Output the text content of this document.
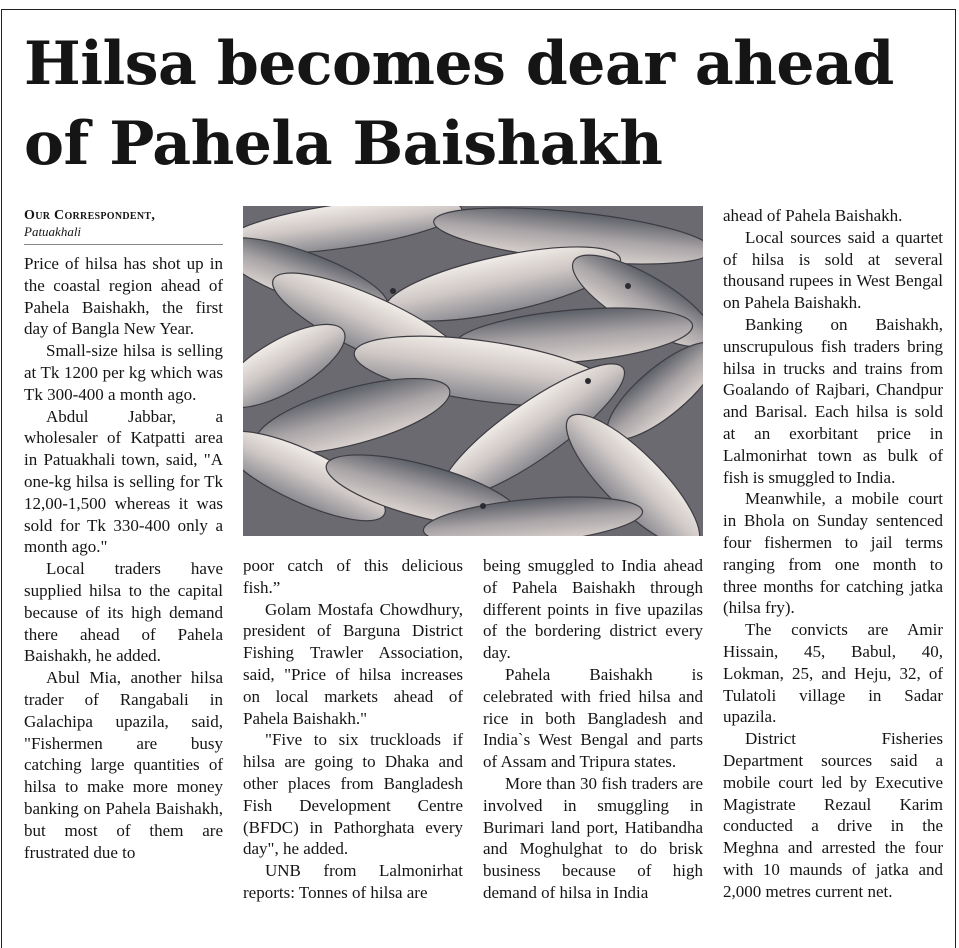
Hilsa becomes dear ahead
of Pahela Baishakh
Our Correspondent,
Patuakhali

Price of hilsa has shot up in the coastal region ahead of Pahela Baishakh, the first day of Bangla New Year.

Small-size hilsa is selling at Tk 1200 per kg which was Tk 300-400 a month ago.

Abdul Jabbar, a wholesaler of Katpatti area in Patuakhali town, said, "A one-kg hilsa is selling for Tk 12,00-1,500 whereas it was sold for Tk 330-400 only a month ago."

Local traders have supplied hilsa to the capital because of its high demand there ahead of Pahela Baishakh, he added.

Abul Mia, another hilsa trader of Rangabali in Galachipa upazila, said, "Fishermen are busy catching large quantities of hilsa to make more money banking on Pahela Baishakh, but most of them are frustrated due to

poor catch of this delicious fish.”

Golam Mostafa Chowdhury, president of Barguna District Fishing Trawler Association, said, "Price of hilsa increases on local markets ahead of Pahela Baishakh."

"Five to six truckloads if hilsa are going to Dhaka and other places from Bangladesh Fish Development Centre (BFDC) in Pathorghata every day", he added.

UNB from Lalmonirhat reports: Tonnes of hilsa are

being smuggled to India ahead of Pahela Baishakh through different points in five upazilas of the bordering district every day.

Pahela Baishakh is celebrated with fried hilsa and rice in both Bangladesh and India`s West Bengal and parts of Assam and Tripura states.

More than 30 fish traders are involved in smuggling in Burimari land port, Hatibandha and Moghulghat to do brisk business because of high demand of hilsa in India

ahead of Pahela Baishakh.

Local sources said a quartet of hilsa is sold at several thousand rupees in West Bengal on Pahela Baishakh.

Banking on Baishakh, unscrupulous fish traders bring hilsa in trucks and trains from Goalando of Rajbari, Chandpur and Barisal. Each hilsa is sold at an exorbitant price in Lalmonirhat town as bulk of fish is smuggled to India.

Meanwhile, a mobile court in Bhola on Sunday sentenced four fishermen to jail terms ranging from one month to three months for catching jatka (hilsa fry).

The convicts are Amir Hissain, 45, Babul, 40, Lokman, 25, and Heju, 32, of Tulatoli village in Sadar upazila.

District Fisheries Department sources said a mobile court led by Executive Magistrate Rezaul Karim conducted a drive in the Meghna and arrested the four with 10 maunds of jatka and 2,000 metres current net.
